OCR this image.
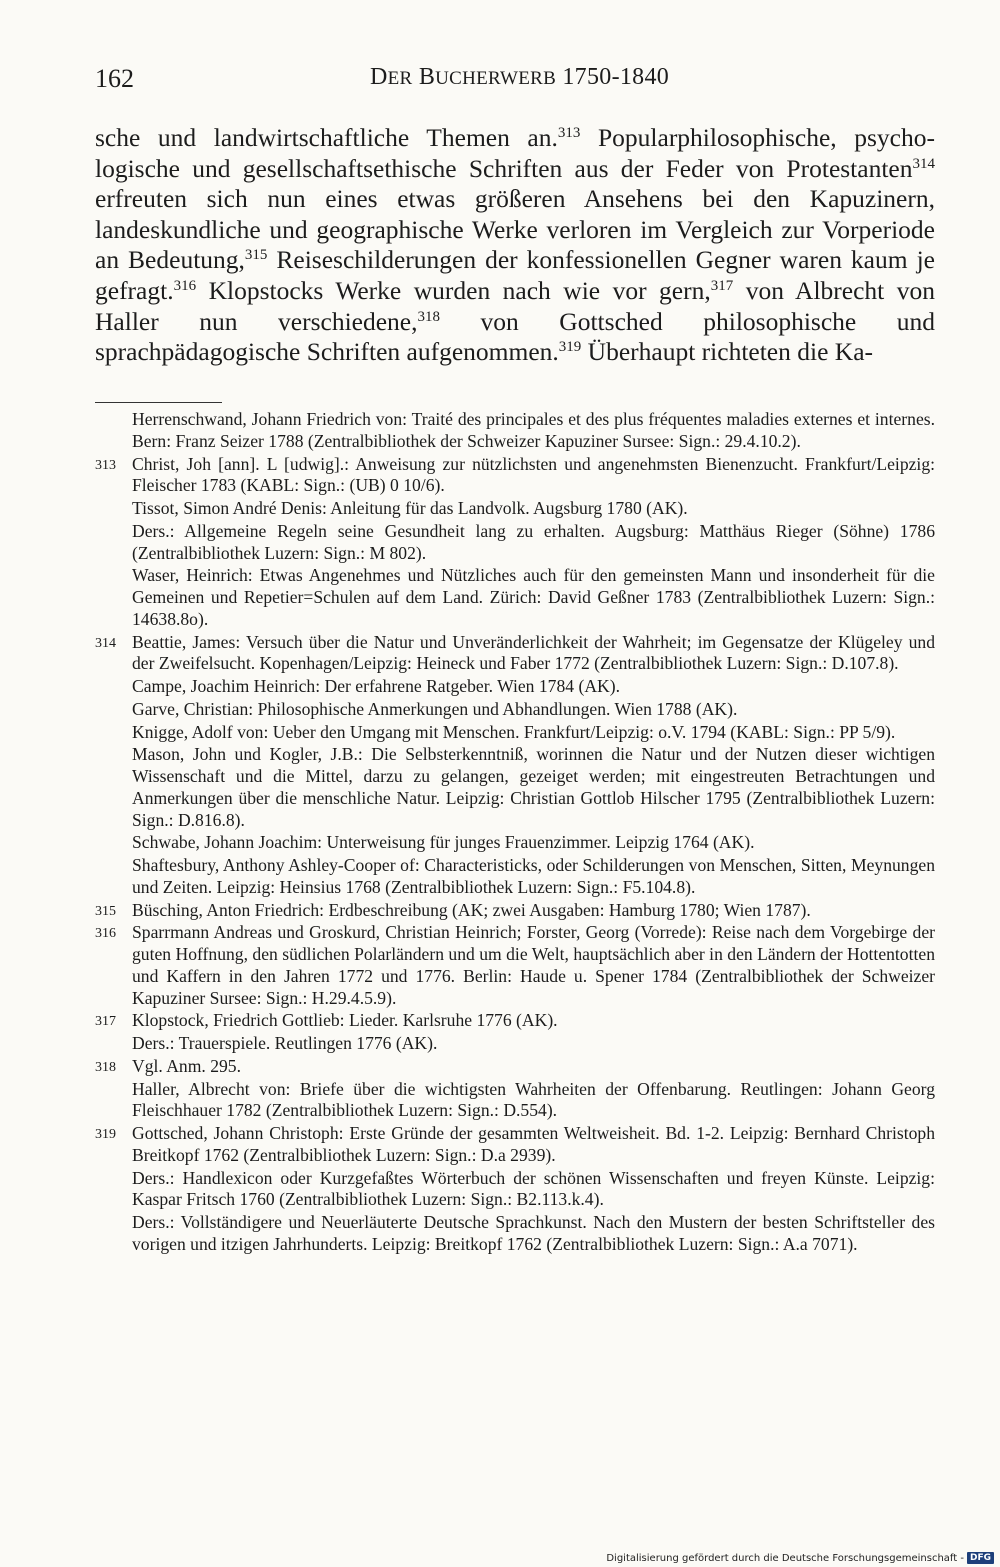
162	DER BUCHERWERB 1750-1840

sche und landwirtschaftliche Themen an.$^{313}$ Popularphilosophische, psychologische und gesellschaftsethische Schriften aus der Feder von Protestanten$^{314}$ erfreuten sich nun eines etwas größeren Ansehens bei den Kapuzinern, landeskundliche und geographische Werke verloren im Vergleich zur Vorperiode an Bedeutung,$^{315}$ Reiseschilderungen der konfessionellen Gegner waren kaum je gefragt.$^{316}$ Klopstocks Werke wurden nach wie vor gern,$^{317}$ von Albrecht von Haller nun verschiedene,$^{318}$ von Gottsched philosophische und sprachpädagogische Schriften aufgenommen.$^{319}$ Überhaupt richteten die Ka-

Herrenschwand, Johann Friedrich von: Traité des principales et des plus fréquentes maladies externes et internes. Bern: Franz Seizer 1788 (Zentralbibliothek der Schweizer Kapuziner Sursee: Sign.: 29.4.10.2).
313 Christ, Joh [ann]. L [udwig].: Anweisung zur nützlichsten und angenehmsten Bienenzucht. Frankfurt/Leipzig: Fleischer 1783 (KABL: Sign.: (UB) 0 10/6).
Tissot, Simon André Denis: Anleitung für das Landvolk. Augsburg 1780 (AK).
Ders.: Allgemeine Regeln seine Gesundheit lang zu erhalten. Augsburg: Matthäus Rieger (Söhne) 1786 (Zentralbibliothek Luzern: Sign.: M 802).
Waser, Heinrich: Etwas Angenehmes und Nützliches auch für den gemeinsten Mann und insonderheit für die Gemeinen und Repetier=Schulen auf dem Land. Zürich: David Geßner 1783 (Zentralbibliothek Luzern: Sign.: 14638.8o).
314 Beattie, James: Versuch über die Natur und Unveränderlichkeit der Wahrheit; im Gegensatze der Klügeley und der Zweifelsucht. Kopenhagen/Leipzig: Heineck und Faber 1772 (Zentralbibliothek Luzern: Sign.: D.107.8).
Campe, Joachim Heinrich: Der erfahrene Ratgeber. Wien 1784 (AK).
Garve, Christian: Philosophische Anmerkungen und Abhandlungen. Wien 1788 (AK).
Knigge, Adolf von: Ueber den Umgang mit Menschen. Frankfurt/Leipzig: o.V. 1794 (KABL: Sign.: PP 5/9).
Mason, John und Kogler, J.B.: Die Selbsterkenntniß, worinnen die Natur und der Nutzen dieser wichtigen Wissenschaft und die Mittel, darzu zu gelangen, gezeiget werden; mit eingestreuten Betrachtungen und Anmerkungen über die menschliche Natur. Leipzig: Christian Gottlob Hilscher 1795 (Zentralbibliothek Luzern: Sign.: D.816.8).
Schwabe, Johann Joachim: Unterweisung für junges Frauenzimmer. Leipzig 1764 (AK).
Shaftesbury, Anthony Ashley-Cooper of: Characteristicks, oder Schilderungen von Menschen, Sitten, Meynungen und Zeiten. Leipzig: Heinsius 1768 (Zentralbibliothek Luzern: Sign.: F5.104.8).
315 Büsching, Anton Friedrich: Erdbeschreibung (AK; zwei Ausgaben: Hamburg 1780; Wien 1787).
316 Sparrmann Andreas und Groskurd, Christian Heinrich; Forster, Georg (Vorrede): Reise nach dem Vorgebirge der guten Hoffnung, den südlichen Polarländern und um die Welt, hauptsächlich aber in den Ländern der Hottentotten und Kaffern in den Jahren 1772 und 1776. Berlin: Haude u. Spener 1784 (Zentralbibliothek der Schweizer Kapuziner Sursee: Sign.: H.29.4.5.9).
317 Klopstock, Friedrich Gottlieb: Lieder. Karlsruhe 1776 (AK).
Ders.: Trauerspiele. Reutlingen 1776 (AK).
318 Vgl. Anm. 295.
Haller, Albrecht von: Briefe über die wichtigsten Wahrheiten der Offenbarung. Reutlingen: Johann Georg Fleischhauer 1782 (Zentralbibliothek Luzern: Sign.: D.554).
319 Gottsched, Johann Christoph: Erste Gründe der gesammten Weltweisheit. Bd. 1-2. Leipzig: Bernhard Christoph Breitkopf 1762 (Zentralbibliothek Luzern: Sign.: D.a 2939).
Ders.: Handlexicon oder Kurzgefaßtes Wörterbuch der schönen Wissenschaften und freyen Künste. Leipzig: Kaspar Fritsch 1760 (Zentralbibliothek Luzern: Sign.: B2.113.k.4).
Ders.: Vollständigere und Neuerläuterte Deutsche Sprachkunst. Nach den Mustern der besten Schriftsteller des vorigen und itzigen Jahrhunderts. Leipzig: Breitkopf 1762 (Zentralbibliothek Luzern: Sign.: A.a 7071).
Digitalisierung gefördert durch die Deutsche Forschungsgemeinschaft - DFG
